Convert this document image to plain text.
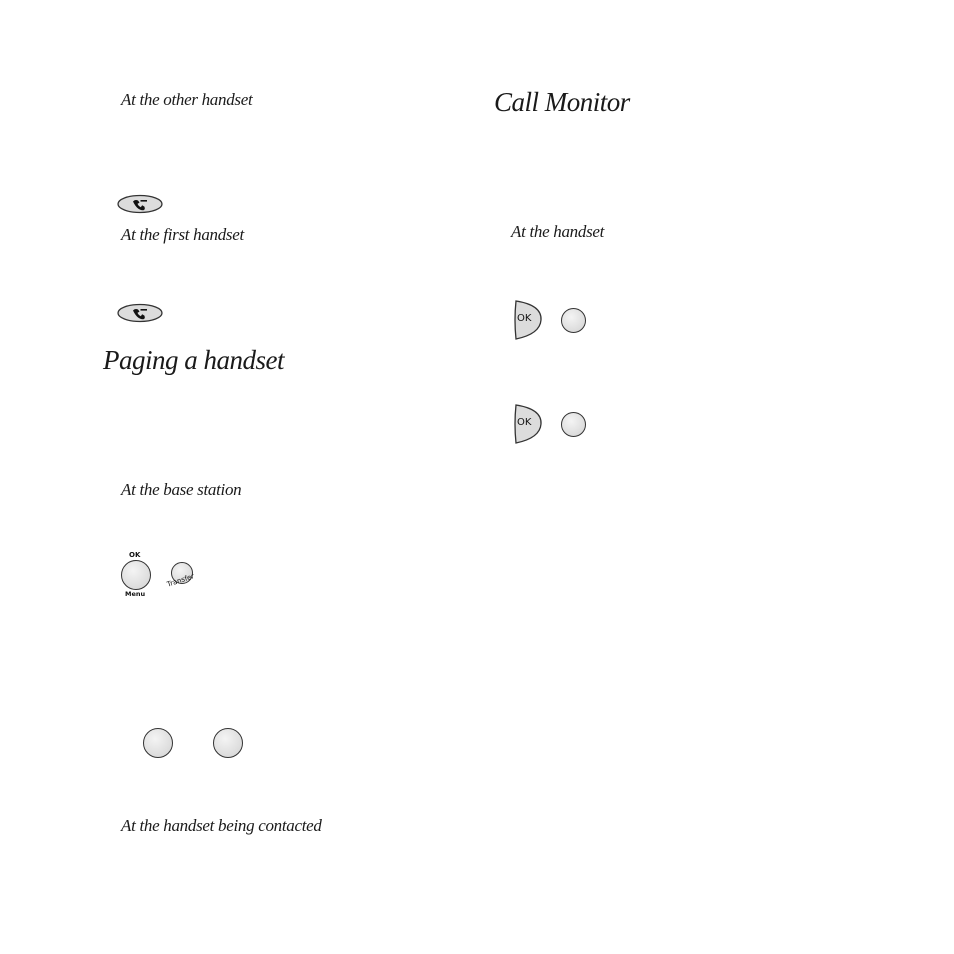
At the other handset
At the first handset
Paging a handset
At the base station
OK
Menu
Transfer
At the handset being contacted
Call Monitor
At the handset
OK
OK
